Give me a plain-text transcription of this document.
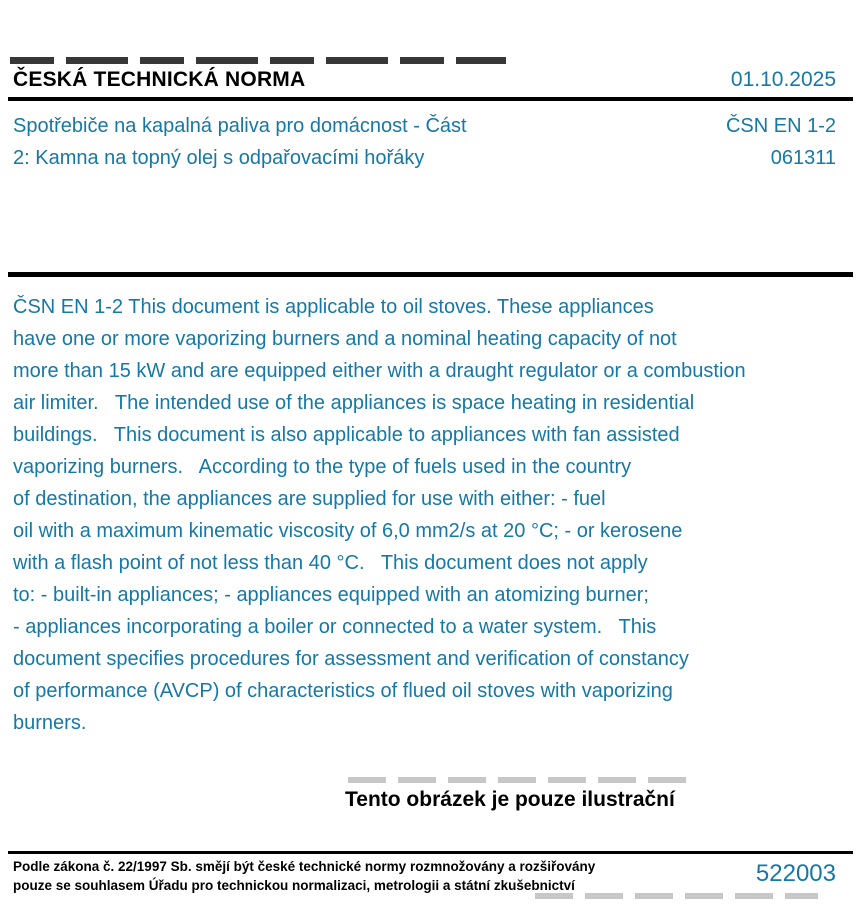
ČESKÁ TECHNICKÁ NORMA	01.10.2025
Spotřebiče na kapalná paliva pro domácnost - Část
2: Kamna na topný olej s odpařovacími hořáky
ČSN EN 1-2
061311
ČSN EN 1-2 This document is applicable to oil stoves. These appliances
have one or more vaporizing burners and a nominal heating capacity of not
more than 15 kW and are equipped either with a draught regulator or a combustion
air limiter.   The intended use of the appliances is space heating in residential
buildings.   This document is also applicable to appliances with fan assisted
vaporizing burners.   According to the type of fuels used in the country
of destination, the appliances are supplied for use with either: - fuel
oil with a maximum kinematic viscosity of 6,0 mm2/s at 20 °C; - or kerosene
with a flash point of not less than 40 °C.   This document does not apply
to: - built-in appliances; - appliances equipped with an atomizing burner;
- appliances incorporating a boiler or connected to a water system.   This
document specifies procedures for assessment and verification of constancy
of performance (AVCP) of characteristics of flued oil stoves with vaporizing
burners.
Tento obrázek je pouze ilustrační
Podle zákona č. 22/1997 Sb. smějí být české technické normy rozmnožovány a rozšiřovány
pouze se souhlasem Úřadu pro technickou normalizaci, metrologii a státní zkušebnictví	522003
